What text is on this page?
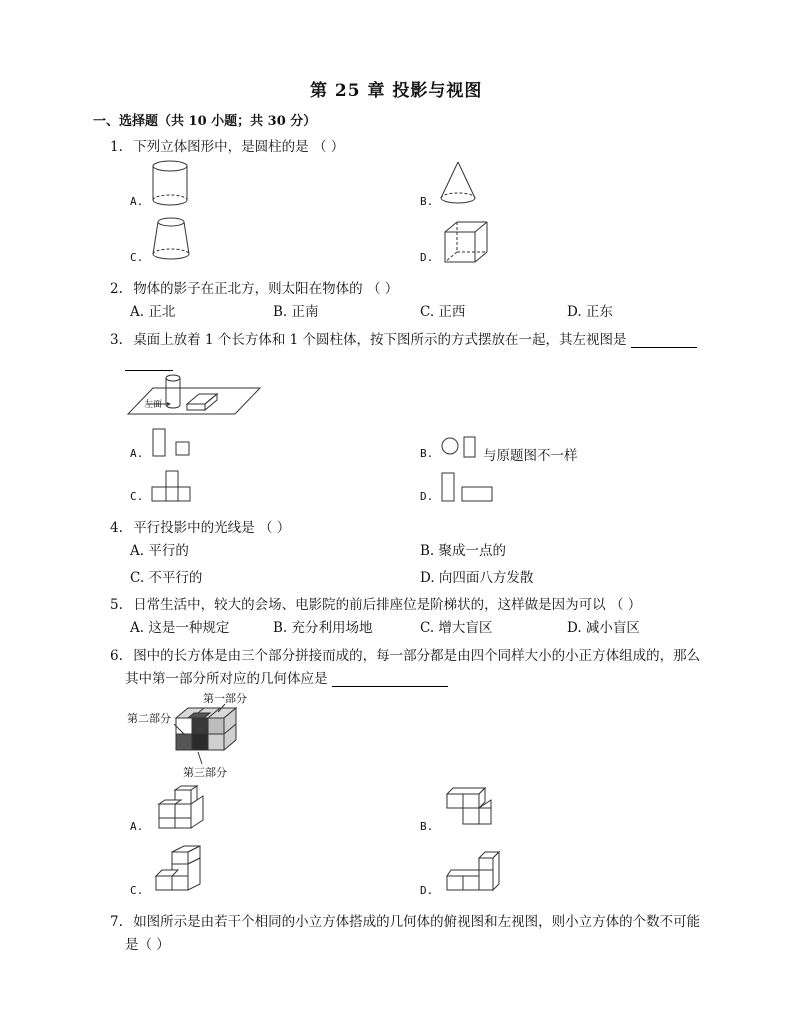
第 25 章 投影与视图
一、选择题（共 10 小题；共 30 分）
1. 下列立体图形中，是圆柱的是 （ ）
A.	B.
C.	D.
2. 物体的影子在正北方，则太阳在物体的 （ ）
A. 正北	B. 正南	C. 正西	D. 正东
3. 桌面上放着 1 个长方体和 1 个圆柱体，按下图所示的方式摆放在一起，其左视图是
左面
A.	B.
C.	D.
与原题图不一样
4. 平行投影中的光线是 （ ）
A. 平行的	B. 聚成一点的
C. 不平行的	D. 向四面八方发散
5. 日常生活中，较大的会场、电影院的前后排座位是阶梯状的，这样做是因为可以 （ ）
A. 这是一种规定	B. 充分利用场地	C. 增大盲区	D. 减小盲区
6. 图中的长方体是由三个部分拼接而成的，每一部分都是由四个同样大小的小正方体组成的，那么
其中第一部分所对应的几何体应是
第一部分
第二部分
第三部分
A.	B.
C.	D.
7. 如图所示是由若干个相同的小立方体搭成的几何体的俯视图和左视图，则小立方体的个数不可能
是（ ）
